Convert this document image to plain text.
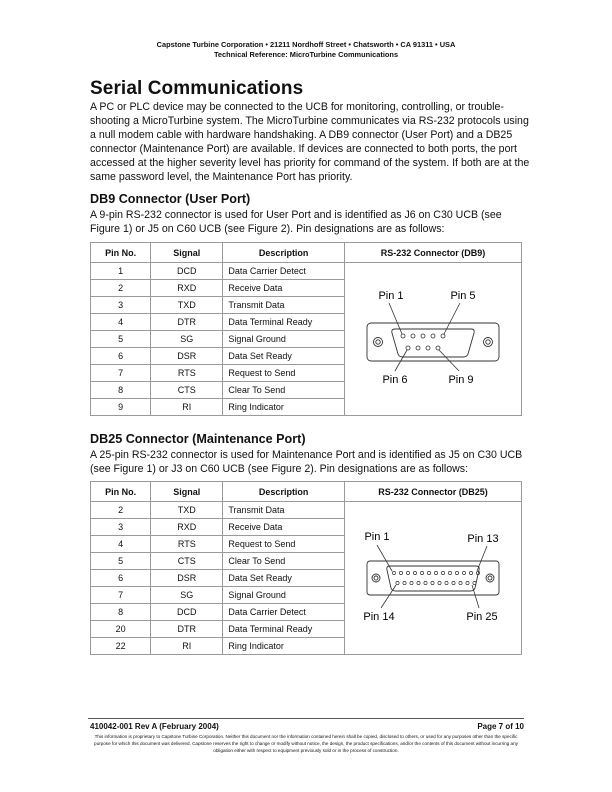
Capstone Turbine Corporation • 21211 Nordhoff Street • Chatsworth • CA 91311 • USA
Technical Reference: MicroTurbine Communications
Serial Communications
A PC or PLC device may be connected to the UCB for monitoring, controlling, or trouble-shooting a MicroTurbine system. The MicroTurbine communicates via RS-232 protocols using a null modem cable with hardware handshaking. A DB9 connector (User Port) and a DB25 connector (Maintenance Port) are available. If devices are connected to both ports, the port accessed at the higher severity level has priority for command of the system. If both are at the same password level, the Maintenance Port has priority.
DB9 Connector (User Port)
A 9-pin RS-232 connector is used for User Port and is identified as J6 on C30 UCB (see Figure 1) or J5 on C60 UCB (see Figure 2). Pin designations are as follows:
Pin No.	Signal	Description	RS-232 Connector (DB9)
1	DCD	Data Carrier Detect	Pin 1 Pin 5
Pin 6 Pin 9

2	RXD	Receive Data	
3	TXD	Transmit Data	
4	DTR	Data Terminal Ready	
5	SG	Signal Ground	
6	DSR	Data Set Ready	
7	RTS	Request to Send	
8	CTS	Clear To Send	
9	RI	Ring Indicator	
DB25 Connector (Maintenance Port)
A 25-pin RS-232 connector is used for Maintenance Port and is identified as J5 on C30 UCB (see Figure 1) or J3 on C60 UCB (see Figure 2). Pin designations are as follows:
Pin No.	Signal	Description	RS-232 Connector (DB25)
2	TXD	Transmit Data	Pin 1 Pin 13
Pin 14 Pin 25

3	RXD	Receive Data	
4	RTS	Request to Send	
5	CTS	Clear To Send	
6	DSR	Data Set Ready	
7	SG	Signal Ground	
8	DCD	Data Carrier Detect	
20	DTR	Data Terminal Ready	
22	RI	Ring Indicator	
410042-001 Rev A (February 2004)	Page 7 of 10
This information is proprietary to Capstone Turbine Corporation. Neither this document nor the information contained herein shall be copied, disclosed to others, or used for any purposes other than the specific purpose for which this document was delivered. Capstone reserves the right to change or modify without notice, the design, the product specifications, and/or the contents of this document without incurring any obligation either with respect to equipment previously sold or in the process of construction.
